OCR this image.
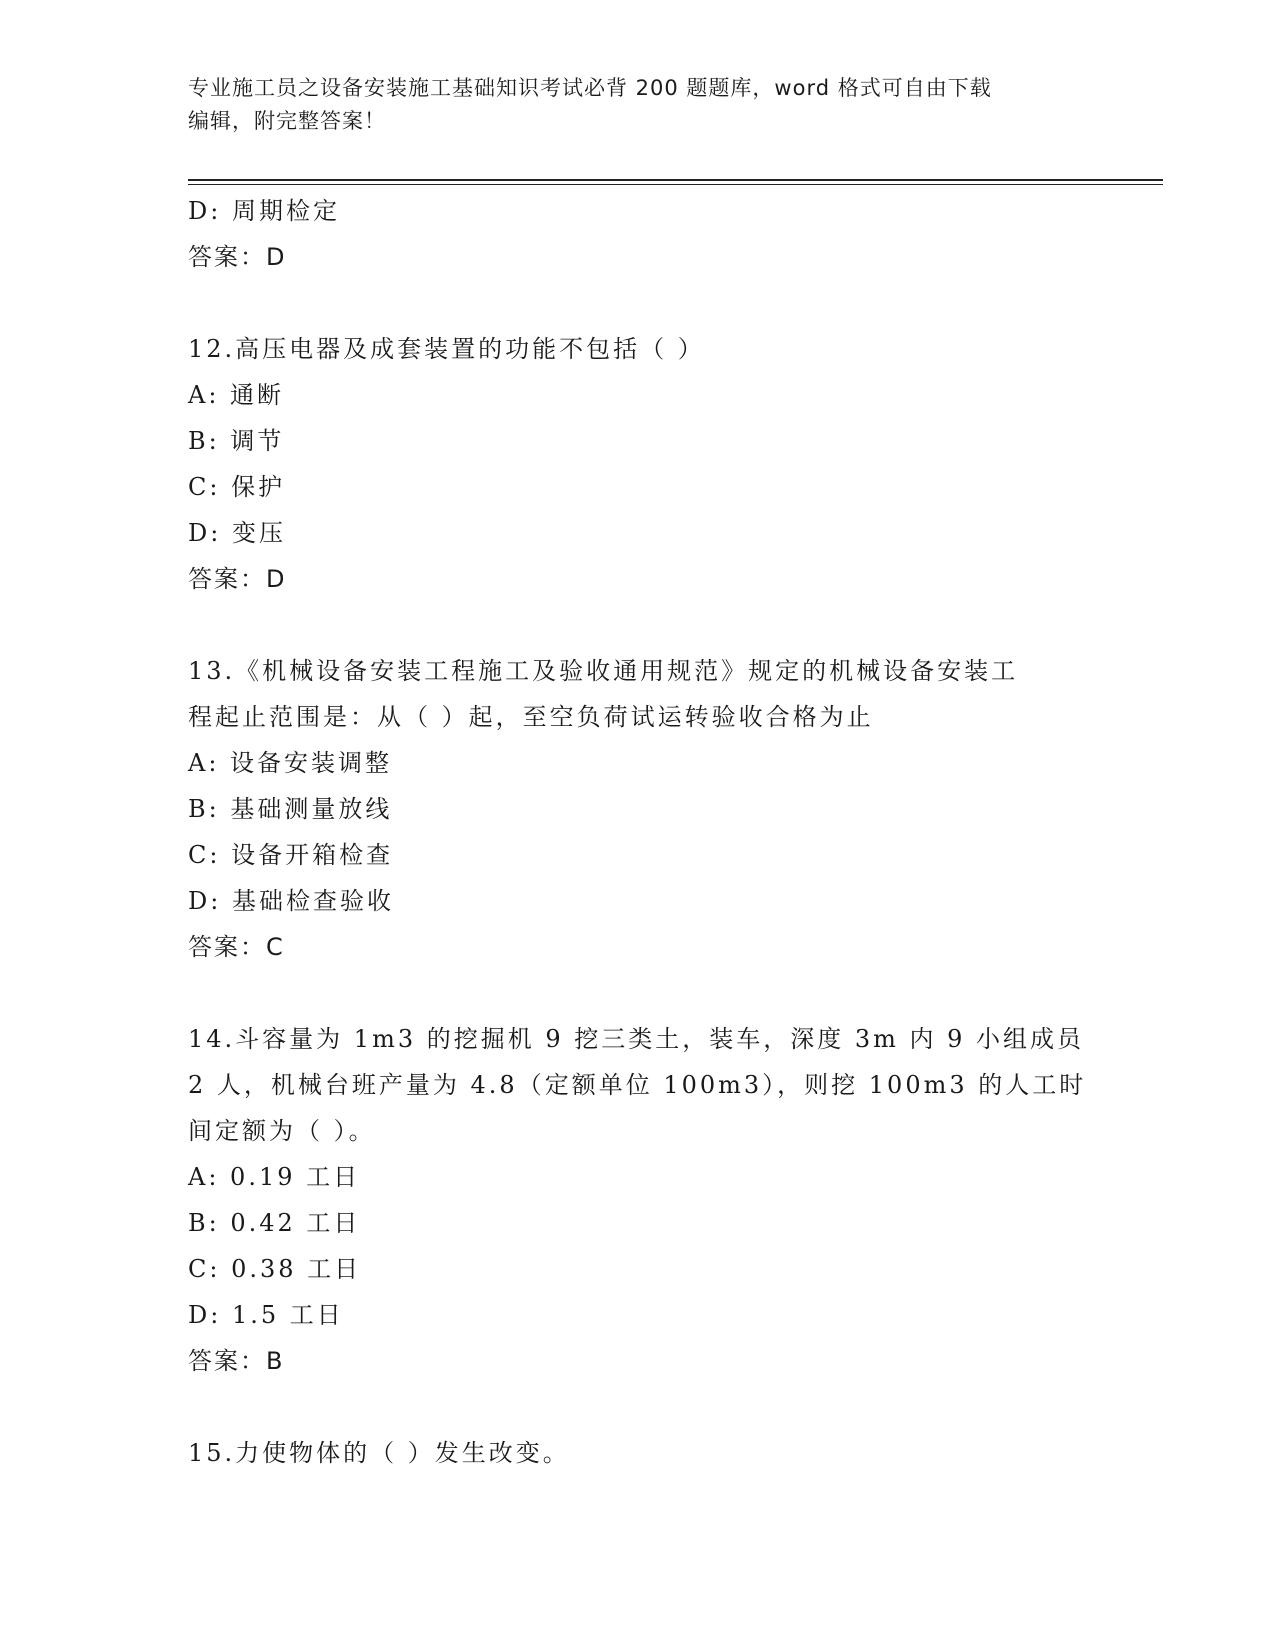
专业施工员之设备安装施工基础知识考试必背 200 题题库，word 格式可自由下载
编辑，附完整答案！
D: 周期检定
答案：D
12.高压电器及成套装置的功能不包括（ ）
A: 通断
B: 调节
C: 保护
D: 变压
答案：D
13.《机械设备安装工程施工及验收通用规范》规定的机械设备安装工
程起止范围是：从（ ）起，至空负荷试运转验收合格为止
A: 设备安装调整
B: 基础测量放线
C: 设备开箱检查
D: 基础检查验收
答案：C
14.斗容量为 1m3 的挖掘机 9 挖三类土，装车，深度 3m 内 9 小组成员
2 人，机械台班产量为 4.8（定额单位 100m3），则挖 100m3 的人工时
间定额为（ ）。
A: 0.19 工日
B: 0.42 工日
C: 0.38 工日
D: 1.5 工日
答案：B
15.力使物体的（ ）发生改变。
